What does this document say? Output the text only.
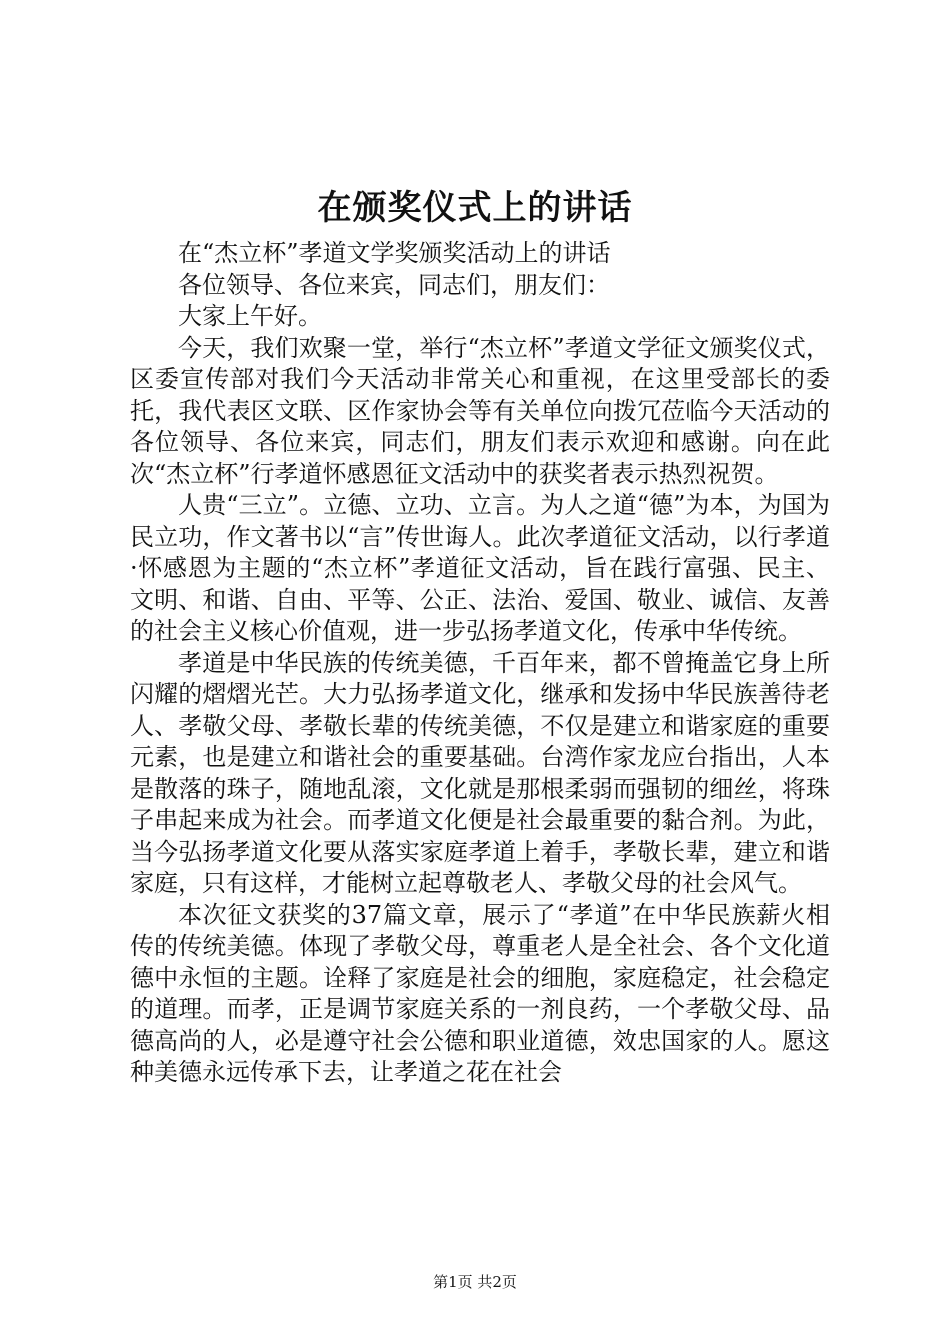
在颁奖仪式上的讲话

在“杰立杯”孝道文学奖颁奖活动上的讲话

各位领导、各位来宾，同志们，朋友们：

大家上午好。

今天，我们欢聚一堂，举行“杰立杯”孝道文学征文颁奖仪式，区委宣传部对我们今天活动非常关心和重视，在这里受部长的委托，我代表区文联、区作家协会等有关单位向拨冗莅临今天活动的各位领导、各位来宾，同志们，朋友们表示欢迎和感谢。向在此次“杰立杯”行孝道怀感恩征文活动中的获奖者表示热烈祝贺。

人贵“三立”。立德、立功、立言。为人之道“德”为本，为国为民立功，作文著书以“言”传世诲人。此次孝道征文活动，以行孝道·怀感恩为主题的“杰立杯”孝道征文活动，旨在践行富强、民主、文明、和谐、自由、平等、公正、法治、爱国、敬业、诚信、友善的社会主义核心价值观，进一步弘扬孝道文化，传承中华传统。

孝道是中华民族的传统美德，千百年来，都不曾掩盖它身上所闪耀的熠熠光芒。大力弘扬孝道文化，继承和发扬中华民族善待老人、孝敬父母、孝敬长辈的传统美德，不仅是建立和谐家庭的重要元素，也是建立和谐社会的重要基础。台湾作家龙应台指出，人本是散落的珠子，随地乱滚，文化就是那根柔弱而强韧的细丝，将珠子串起来成为社会。而孝道文化便是社会最重要的黏合剂。为此，当今弘扬孝道文化要从落实家庭孝道上着手，孝敬长辈，建立和谐家庭，只有这样，才能树立起尊敬老人、孝敬父母的社会风气。

本次征文获奖的37篇文章，展示了“孝道”在中华民族薪火相传的传统美德。体现了孝敬父母，尊重老人是全社会、各个文化道德中永恒的主题。诠释了家庭是社会的细胞，家庭稳定，社会稳定的道理。而孝，正是调节家庭关系的一剂良药，一个孝敬父母、品德高尚的人，必是遵守社会公德和职业道德，效忠国家的人。愿这种美德永远传承下去，让孝道之花在社会

第1页 共2页
